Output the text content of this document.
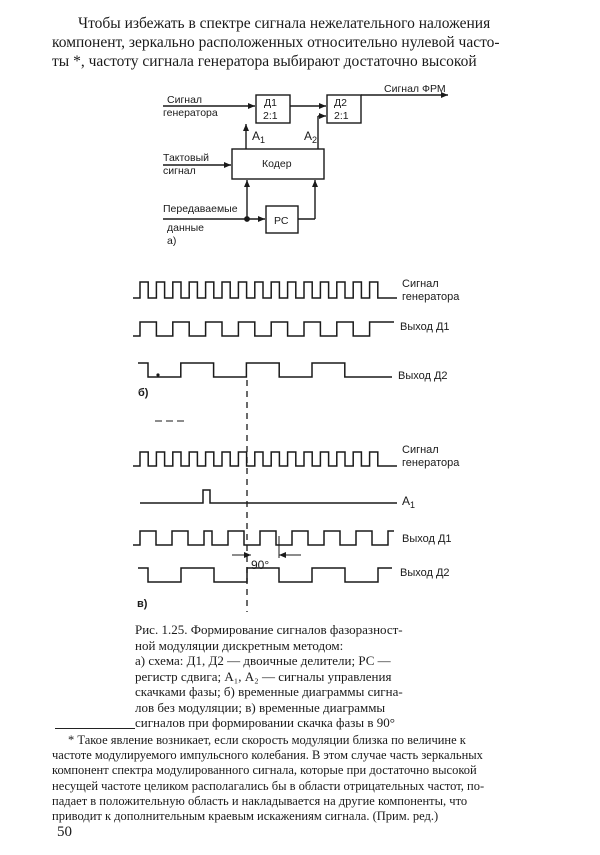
Чтобы избежать в спектре сигнала нежелательного наложения
компонент, зеркально расположенных относительно нулевой часто-
ты *, частоту сигнала генератора выбирают достаточно высокой

Сигнал
генератора
Тактовый
сигнал
Передаваемые
данные
а)
Д1
2:1
Д2
2:1
Сигнал ФРМ
Кодер
$А_1$	$А_2$
РС
Сигнал
генератора
Выход Д1
Выход Д2
б)
Сигнал
генератора
$А_1$
Выход Д1
Выход Д2
в)
90°

Рис. 1.25. Формирование сигналов фазоразност-
ной модуляции дискретным методом:
а) схема: Д1, Д2 — двоичные делители; РС —
регистр сдвига; А₁, А₂ — сигналы управления
скачками фазы; б) временные диаграммы сигна-
лов без модуляции; в) временные диаграммы
сигналов при формировании скачка фазы в 90°

* Такое явление возникает, если скорость модуляции близка по величине к
частоте модулируемого импульсного колебания. В этом случае часть зеркальных
компонент спектра модулированного сигнала, которые при достаточно высокой
несущей частоте целиком располагались бы в области отрицательных частот, по-
падает в положительную область и накладывается на другие компоненты, что
приводит к дополнительным краевым искажениям сигнала. (Прим. ред.)

50
